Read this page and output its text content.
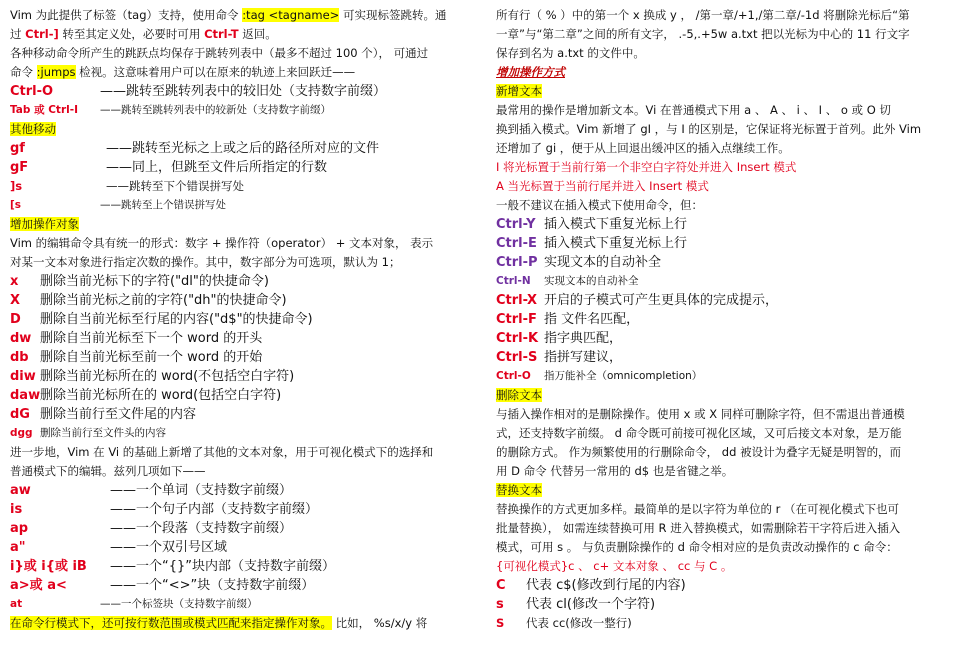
Vim 为此提供了标签（tag）支持，使用命令 :tag <tagname> 可实现标签跳转。通
过 Ctrl-] 转至其定义处，必要时可用 Ctrl-T 返回。
各种移动命令所产生的跳跃点均保存于跳转列表中（最多不超过 100 个）， 可通过
命令 :jumps 检视。这意味着用户可以在原来的轨迹上来回跃迁——
Ctrl-O	——跳转至跳转列表中的较旧处（支持数字前缀）
Tab 或 Ctrl-I ——跳转至跳转列表中的较新处（支持数字前缀）
其他移动
gf	——跳转至光标之上或之后的路径所对应的文件
gF	——同上，但跳至文件后所指定的行数
]s	——跳转至下个错误拼写处
[s	——跳转至上个错误拼写处
增加操作对象
Vim 的编辑命令具有统一的形式：数字 + 操作符（operator） + 文本对象， 表示
对某一文本对象进行指定次数的操作。其中，数字部分为可选项，默认为 1；
x 删除当前光标下的字符("dl"的快捷命令)
X 删除当前光标之前的字符("dh"的快捷命令)
D 删除自当前光标至行尾的内容("d$"的快捷命令)
dw 删除自当前光标至下一个 word 的开头
db 删除自当前光标至前一个 word 的开始
diw 删除当前光标所在的 word(不包括空白字符)
daw删除当前光标所在的 word(包括空白字符)
dG 删除当前行至文件尾的内容
dgg 删除当前行至文件头的内容
进一步地，Vim 在 Vi 的基础上新增了其他的文本对象，用于可视化模式下的选择和
普通模式下的编辑。兹列几项如下——
aw	——一个单词（支持数字前缀）
is	——一个句子内部（支持数字前缀）
ap	——一个段落（支持数字前缀）
a"	——一个双引号区域
i}或 i{或 iB ——一个“{}”块内部（支持数字前缀）
a>或 a<	——一个“<>”块（支持数字前缀）
at	——一个标签块（支持数字前缀）
在命令行模式下，还可按行数范围或模式匹配来指定操作对象。 比如， %s/x/y 将
所有行（ % ）中的第一个 x 换成 y ， /第一章/+1,/第二章/-1d 将删除光标后“第
一章”与“第二章”之间的所有文字， .-5,.+5w a.txt 把以光标为中心的 11 行文字
保存到名为 a.txt 的文件中。
增加操作方式
新增文本
最常用的操作是增加新文本。Vi 在普通模式下用 a 、 A 、 i 、 I 、 o 或 O 切
换到插入模式。Vim 新增了 gI ，与 I 的区别是，它保证将光标置于首列。此外 Vim
还增加了 gi ，便于从上回退出缓冲区的插入点继续工作。
I 将光标置于当前行第一个非空白字符处并进入 Insert 模式
A 当光标置于当前行尾并进入 Insert 模式
一般不建议在插入模式下使用命令，但：
Ctrl-Y 插入模式下重复光标上行
Ctrl-E 插入模式下重复光标上行
Ctrl-P 实现文本的自动补全
Ctrl-N 实现文本的自动补全
Ctrl-X 开启的子模式可产生更具体的完成提示，
Ctrl-F 指 文件名匹配，
Ctrl-K 指字典匹配，
Ctrl-S 指拼写建议，
Ctrl-O 指万能补全（omnicompletion）
删除文本
与插入操作相对的是删除操作。使用 x 或 X 同样可删除字符，但不需退出普通模
式，还支持数字前缀。 d 命令既可前接可视化区域，又可后接文本对象，是万能
的删除方式。 作为频繁使用的行删除命令， dd 被设计为叠字无疑是明智的，而
用 D 命令 代替另一常用的 d$ 也是省键之举。
替换文本
替换操作的方式更加多样。最简单的是以字符为单位的 r （在可视化模式下也可
批量替换）， 如需连续替换可用 R 进入替换模式，如需删除若干字符后进入插入
模式，可用 s 。 与负责删除操作的 d 命令相对应的是负责改动操作的 c 命令：
{可视化模式}c 、 c+ 文本对象 、 cc 与 C 。
C 代表 c$(修改到行尾的内容)
s 代表 cl(修改一个字符)
S 代表 cc(修改一整行)
